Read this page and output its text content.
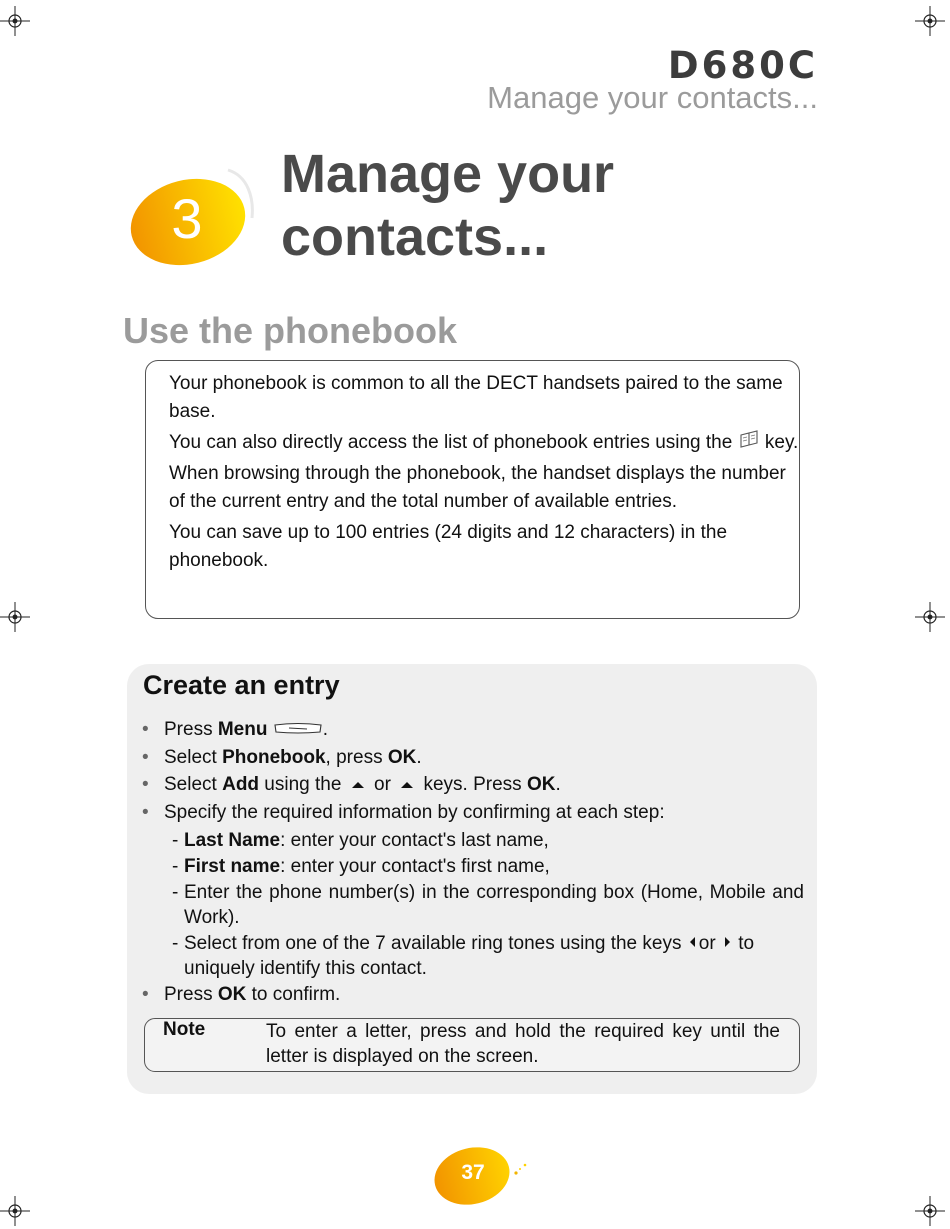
D680C
Manage your contacts...
3
Manage your
contacts...
Use the phonebook

Your phonebook is common to all the DECT handsets paired to the same base.

You can also directly access the list of phonebook entries using the key.

When browsing through the phonebook, the handset displays the number of the current entry and the total number of available entries.

You can save up to 100 entries (24 digits and 12 characters) in the phonebook.

Create an entry
• Press Menu	.
• Select Phonebook, press OK.
• Select Add using the or keys. Press OK.
• Specify the required information by confirming at each step:
- Last Name: enter your contact's last name,
- First name: enter your contact's first name,
- Enter the phone number(s) in the corresponding box (Home, Mobile and Work).
- Select from one of the 7 available ring tones using the keys or to uniquely identify this contact.
• Press OK to confirm.
Note	To enter a letter, press and hold the required key until the letter is displayed on the screen.
37
